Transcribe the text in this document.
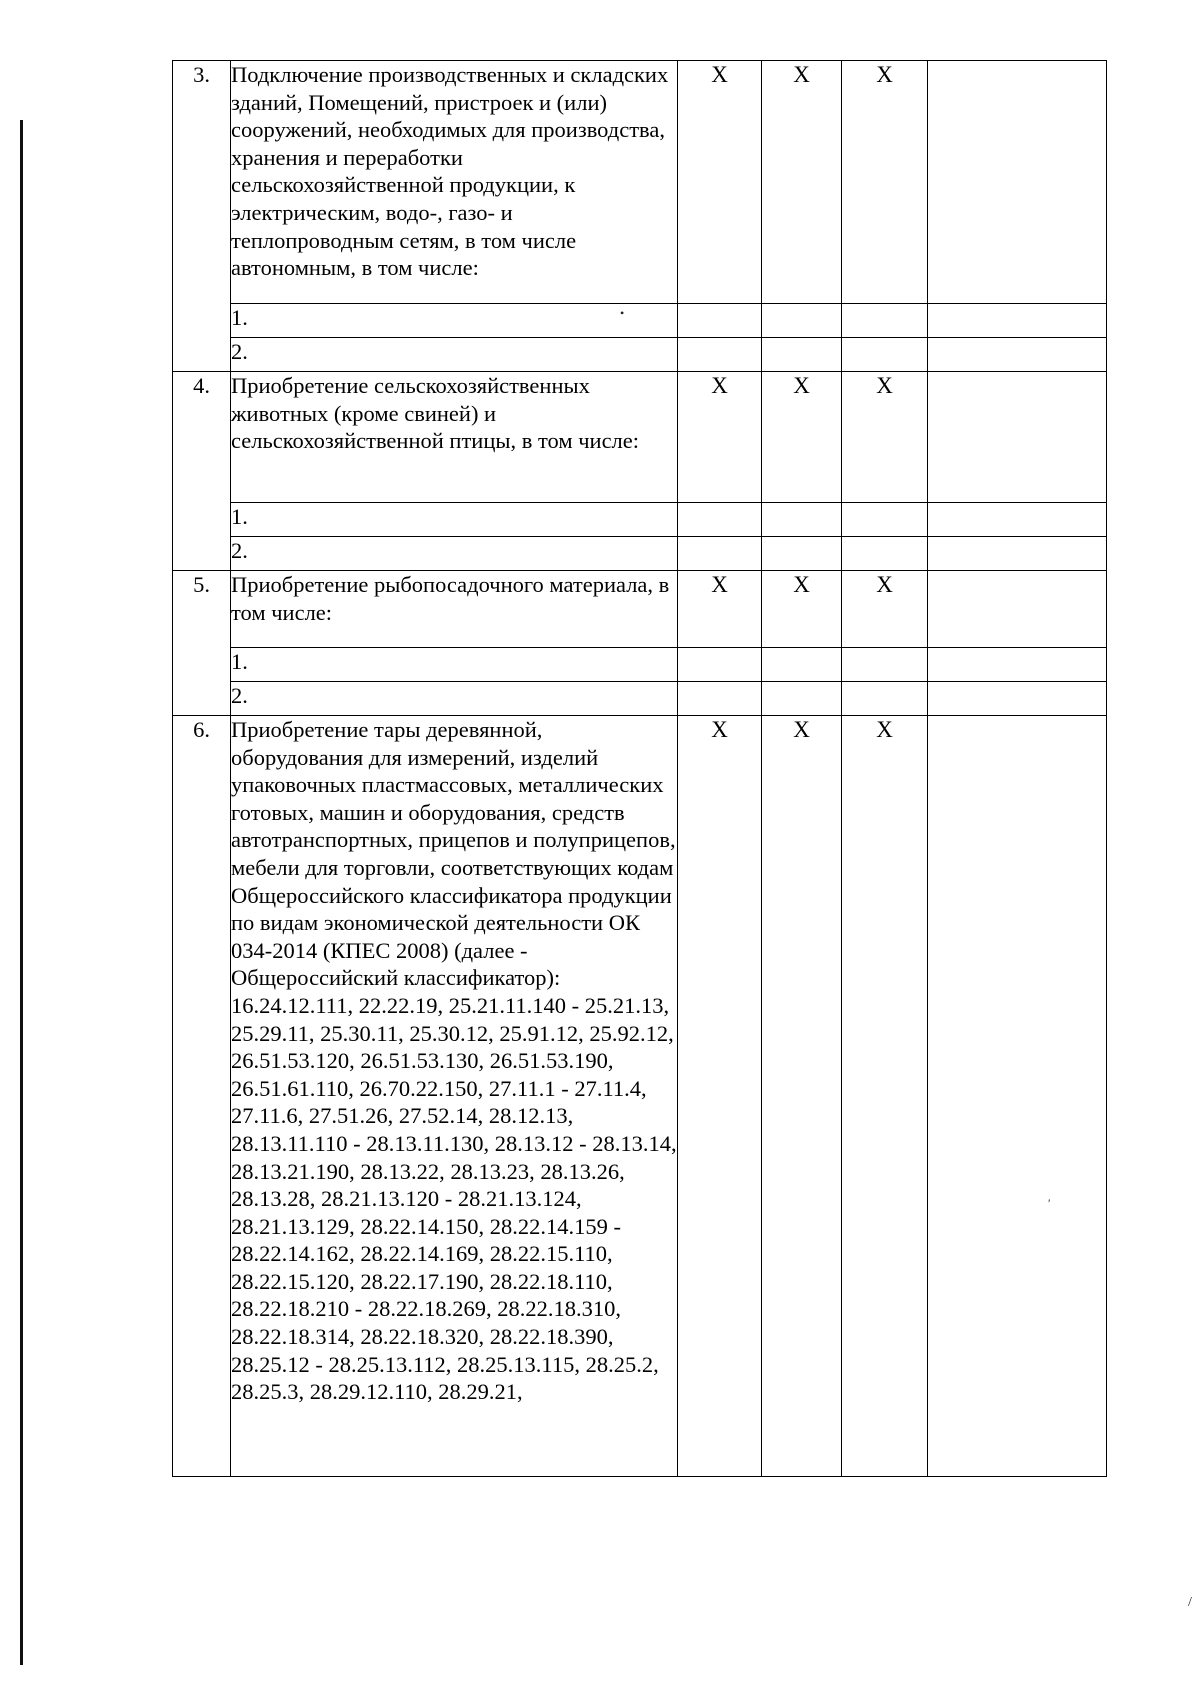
3.	Подключение производственных и складских зданий, Помещений, пристроек и (или) сооружений, необходимых для производства, хранения и переработки сельскохозяйственной продукции, к электрическим, водо-, газо- и теплопроводным сетям, в том числе автономным, в том числе:	X	X	X	
	1.				
	2.				
4.	Приобретение сельскохозяйственных животных (кроме свиней) и сельскохозяйственной птицы, в том числе:	X	X	X	
	1.				
	2.				
5.	Приобретение рыбопосадочного материала, в том числе:	X	X	X	
	1.				
	2.				
6.	Приобретение тары деревянной, оборудования для измерений, изделий упаковочных пластмассовых, металлических готовых, машин и оборудования, средств автотранспортных, прицепов и полуприцепов, мебели для торговли, соответствующих кодам Общероссийского классификатора продукции по видам экономической деятельности ОК 034-2014 (КПЕС 2008) (далее - Общероссийский классификатор): 16.24.12.111, 22.22.19, 25.21.11.140 - 25.21.13, 25.29.11, 25.30.11, 25.30.12, 25.91.12, 25.92.12, 26.51.53.120, 26.51.53.130, 26.51.53.190, 26.51.61.110, 26.70.22.150, 27.11.1 - 27.11.4, 27.11.6, 27.51.26, 27.52.14, 28.12.13, 28.13.11.110 - 28.13.11.130, 28.13.12 - 28.13.14, 28.13.21.190, 28.13.22, 28.13.23, 28.13.26, 28.13.28, 28.21.13.120 - 28.21.13.124, 28.21.13.129, 28.22.14.150, 28.22.14.159 - 28.22.14.162, 28.22.14.169, 28.22.15.110, 28.22.15.120, 28.22.17.190, 28.22.18.110, 28.22.18.210 - 28.22.18.269, 28.22.18.310, 28.22.18.314, 28.22.18.320, 28.22.18.390, 28.25.12 - 28.25.13.112, 28.25.13.115, 28.25.2, 28.25.3, 28.29.12.110, 28.29.21,	X	X	X	
•
/
′
